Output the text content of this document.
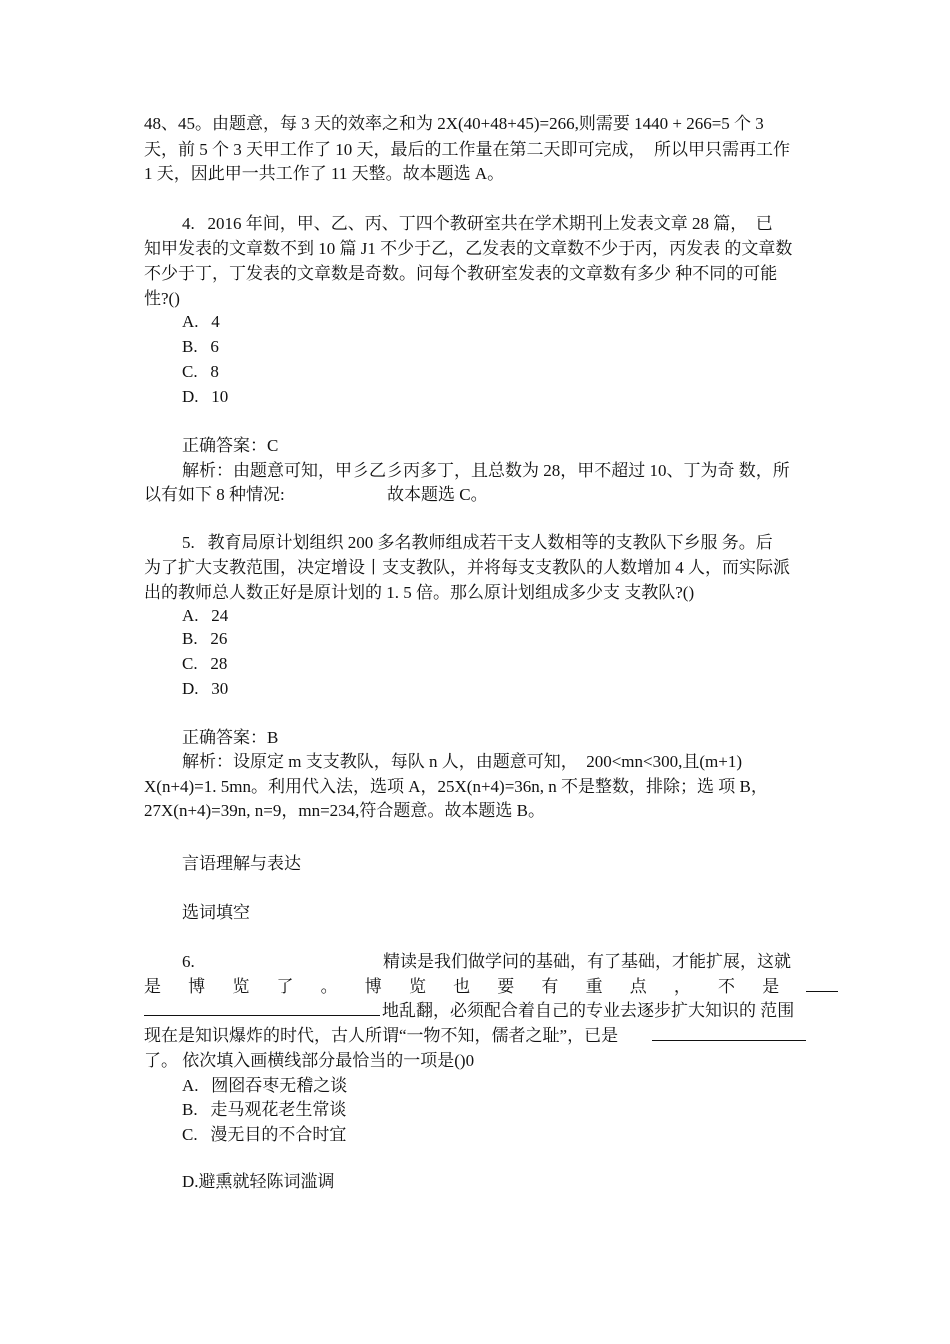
48、45。由题意，每 3 天的效率之和为 2X(40+48+45)=266,则需要 1440 + 266=5 个 3
天，前 5 个 3 天甲工作了 10 天，最后的工作量在第二天即可完成，  所以甲只需再工作
1 天，因此甲一共工作了 11 天整。故本题选 A。
4.   2016 年间，甲、乙、丙、丁四个教研室共在学术期刊上发表文章 28 篇，  已
知甲发表的文章数不到 10 篇 J1 不少于乙，乙发表的文章数不少于丙，丙发表 的文章数
不少于丁，丁发表的文章数是奇数。问每个教研室发表的文章数有多少 种不同的可能
性?()
A.   4
B.   6
C.   8
D.   10
正确答案：C
解析：由题意可知，甲彡乙彡丙多丁，且总数为 28，甲不超过 10、丁为奇 数，所
以有如下 8 种情况:	故本题选 C。
5.   教育局原计划组织 200 多名教师组成若干支人数相等的支教队下乡服 务。后
为了扩大支教范围，决定增设丨支支教队，并将每支支教队的人数增加 4 人，而实际派
出的教师总人数正好是原计划的 1. 5 倍。那么原计划组成多少支 支教队?()
A.   24
B.   26
C.   28
D.   30
正确答案：B
解析：设原定 m 支支教队，每队 n 人，由题意可知，  200<mn<300,且(m+1)
X(n+4)=1. 5mn。利用代入法，选项 A，25X(n+4)=36n, n 不是整数，排除；选 项 B，
27X(n+4)=39n, n=9，mn=234,符合题意。故本题选 B。
言语理解与表达
选词填空
6.	精读是我们做学问的基础，有了基础，才能扩展，这就
是 博 览 了 。 博 览 也 要 有 重 点 ， 不 是
地乱翻，必须配合着自己的专业去逐步扩大知识的 范围
现在是知识爆炸的时代，古人所谓“一物不知，儒者之耻”，已是
了。 依次填入画横线部分最恰当的一项是()0
A.   囫囵吞枣无稽之谈
B.   走马观花老生常谈
C.   漫无目的不合时宜
D.避熏就轻陈词滥调
